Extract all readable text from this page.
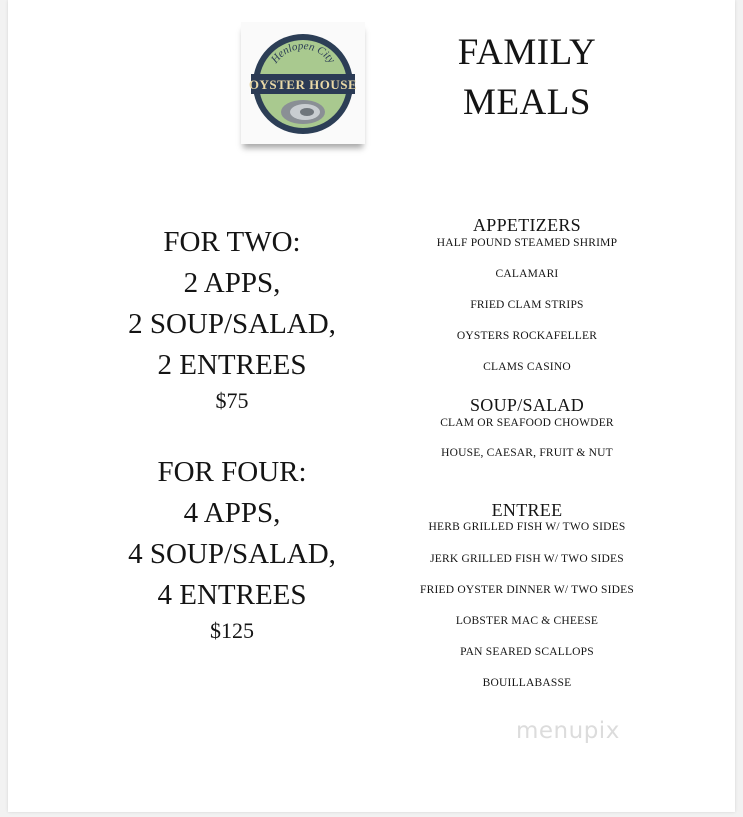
Henlopen City
OYSTER HOUSE
FAMILY
MEALS
FOR TWO:
2 APPS,
2 SOUP/SALAD,
2 ENTREES
$75
FOR FOUR:
4 APPS,
4 SOUP/SALAD,
4 ENTREES
$125
APPETIZERS
HALF POUND STEAMED SHRIMP
CALAMARI
FRIED CLAM STRIPS
OYSTERS ROCKAFELLER
CLAMS CASINO
SOUP/SALAD
CLAM OR SEAFOOD CHOWDER
HOUSE, CAESAR, FRUIT & NUT
ENTREE
HERB GRILLED FISH W/ TWO SIDES
JERK GRILLED FISH W/ TWO SIDES
FRIED OYSTER DINNER W/ TWO SIDES
LOBSTER MAC & CHEESE
PAN SEARED SCALLOPS
BOUILLABASSE
menupix
